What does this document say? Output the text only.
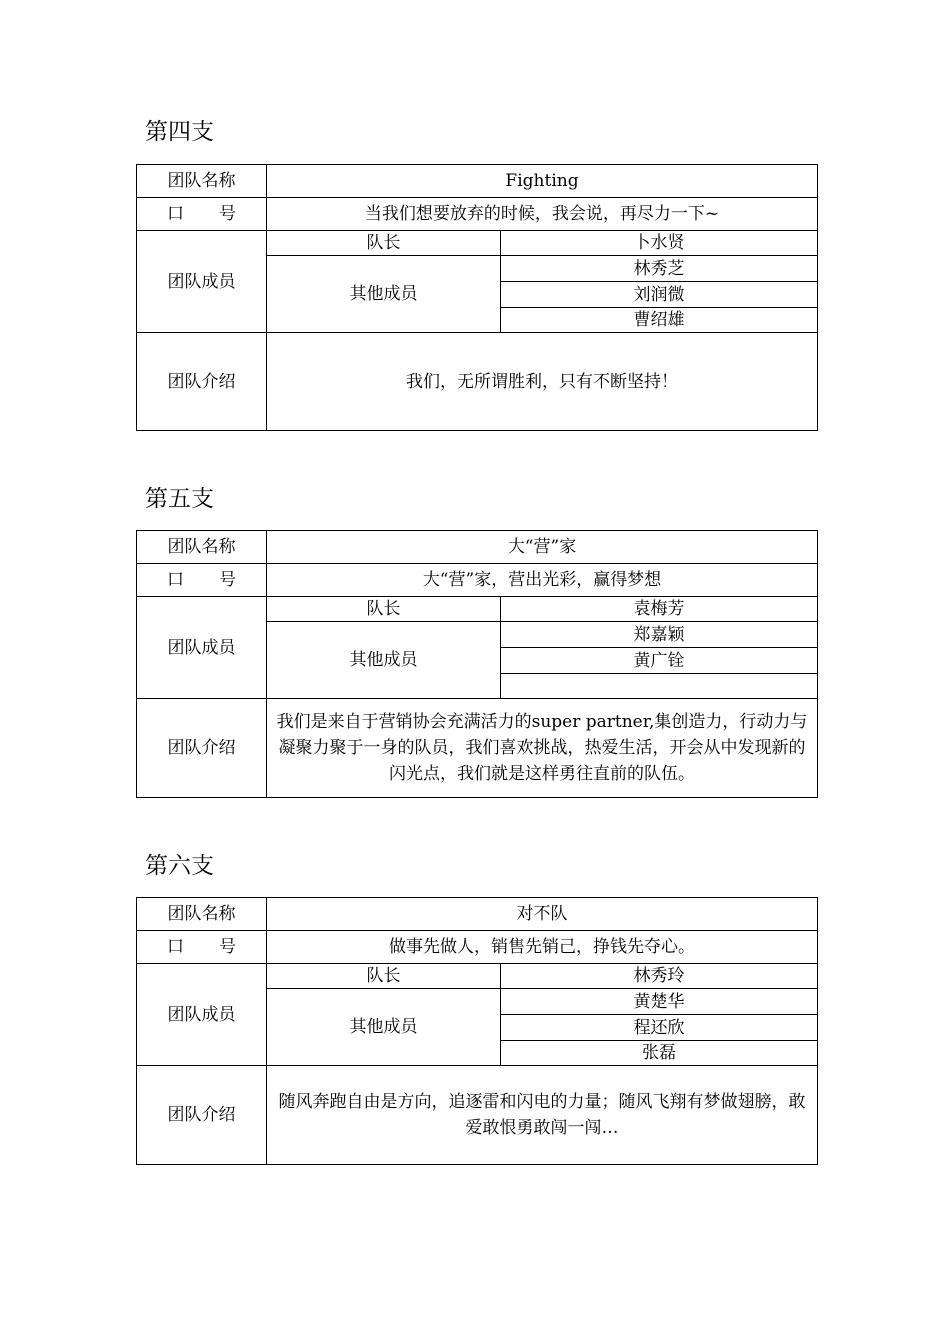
第四支
团队名称	Fighting	
口 号	当我们想要放弃的时候，我会说，再尽力一下~	
团队成员	队长	卜水贤
	其他成员	林秀芝
		刘润微
		曹绍雄
团队介绍	我们，无所谓胜利，只有不断坚持！	
第五支
团队名称	大“营”家	
口 号	大“营”家，营出光彩，赢得梦想	
团队成员	队长	袁梅芳
	其他成员	郑嘉颖
		黄广铨

团队介绍	我们是来自于营销协会充满活力的super partner,集创造力，行动力与凝聚力聚于一身的队员，我们喜欢挑战，热爱生活，开会从中发现新的闪光点，我们就是这样勇往直前的队伍。	
第六支
团队名称	对不队	
口 号	做事先做人，销售先销己，挣钱先夺心。	
团队成员	队长	林秀玲
	其他成员	黄楚华
		程还欣
		张磊
团队介绍	随风奔跑自由是方向，追逐雷和闪电的力量；随风飞翔有梦做翅膀，敢爱敢恨勇敢闯一闯…	
